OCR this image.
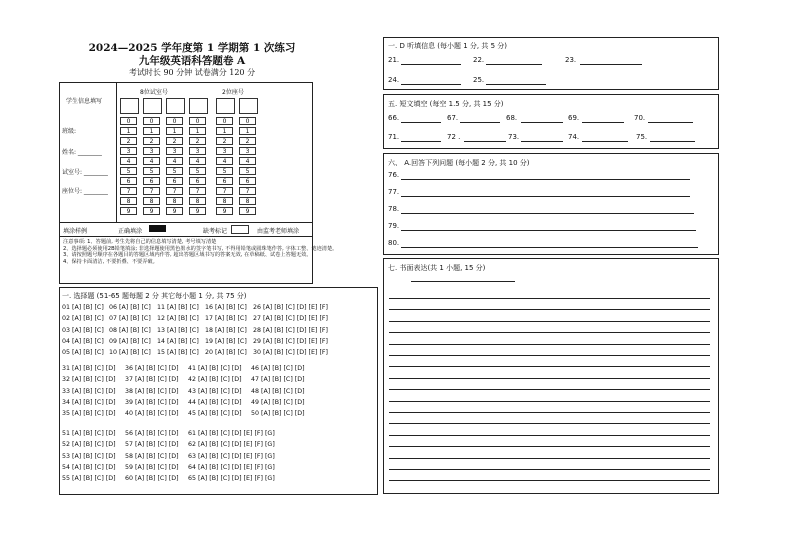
2024—2025 学年度第 1 学期第 1 次练习
九年级英语科答题卷 A
考试时长 90 分钟 试卷满分 120 分
学生信息填写
8位试室号	2位座号
0	0	0	0	0	0
1	1	1	1	1	1
2	2	2	2	2	2
3	3	3	3	3	3
4	4	4	4	4	4
5	5	5	5	5	5
6	6	6	6	6	6
7	7	7	7	7	7
8	8	8	8	8	8
9	9	9	9	9	9
班级:
姓名: ________
试室号: ________
座位号: ________
填涂样例	正确填涂	缺考标记	由监考老师填涂
注意事项: 1、答题前, 考生先将自己的信息填写清楚, 考号填写清楚
2、选择题必须使用2B铅笔填涂; 非选择题使用黑色墨水的签字笔书写, 不得用铅笔或圆珠笔作答, 字体工整、笔迹清楚。
3、请按照题号顺序在各题目的答题区域内作答, 超出答题区域书写的答案无效, 在草稿纸、试卷上答题无效。
4、保持卡面清洁, 不要折叠、不要弄破。
一. 选择题 (51-65 题每题 2 分 其它每小题 1 分, 共 75 分)
01 [A] [B] [C] 06 [A] [B] [C] 11 [A] [B] [C] 16 [A] [B] [C] 26 [A] [B] [C] [D] [E] [F]
02 [A] [B] [C] 07 [A] [B] [C] 12 [A] [B] [C] 17 [A] [B] [C] 27 [A] [B] [C] [D] [E] [F]
03 [A] [B] [C] 08 [A] [B] [C] 13 [A] [B] [C] 18 [A] [B] [C] 28 [A] [B] [C] [D] [E] [F]
04 [A] [B] [C] 09 [A] [B] [C] 14 [A] [B] [C] 19 [A] [B] [C] 29 [A] [B] [C] [D] [E] [F]
05 [A] [B] [C] 10 [A] [B] [C] 15 [A] [B] [C] 20 [A] [B] [C] 30 [A] [B] [C] [D] [E] [F]
31 [A] [B] [C] [D] 36 [A] [B] [C] [D] 41 [A] [B] [C] [D] 46 [A] [B] [C] [D]
32 [A] [B] [C] [D] 37 [A] [B] [C] [D] 42 [A] [B] [C] [D] 47 [A] [B] [C] [D]
33 [A] [B] [C] [D] 38 [A] [B] [C] [D] 43 [A] [B] [C] [D] 48 [A] [B] [C] [D]
34 [A] [B] [C] [D] 39 [A] [B] [C] [D] 44 [A] [B] [C] [D] 49 [A] [B] [C] [D]
35 [A] [B] [C] [D] 40 [A] [B] [C] [D] 45 [A] [B] [C] [D] 50 [A] [B] [C] [D]
51 [A] [B] [C] [D] 56 [A] [B] [C] [D] 61 [A] [B] [C] [D] [E] [F] [G]
52 [A] [B] [C] [D] 57 [A] [B] [C] [D] 62 [A] [B] [C] [D] [E] [F] [G]
53 [A] [B] [C] [D] 58 [A] [B] [C] [D] 63 [A] [B] [C] [D] [E] [F] [G]
54 [A] [B] [C] [D] 59 [A] [B] [C] [D] 64 [A] [B] [C] [D] [E] [F] [G]
55 [A] [B] [C] [D] 60 [A] [B] [C] [D] 65 [A] [B] [C] [D] [E] [F] [G]
一. D 听填信息 (每小题 1 分, 共 5 分)
21.	22.	23.
24.	25.
五. 短文填空 (每空 1.5 分, 共 15 分)
66.	67.	68.	69.	70.
71.	72 .	73.	74.	75.
六、 A.回答下列问题 (每小题 2 分, 共 10 分)
76.
77.
78.
79.
80.
七. 书面表达(共 1 小题, 15 分)
